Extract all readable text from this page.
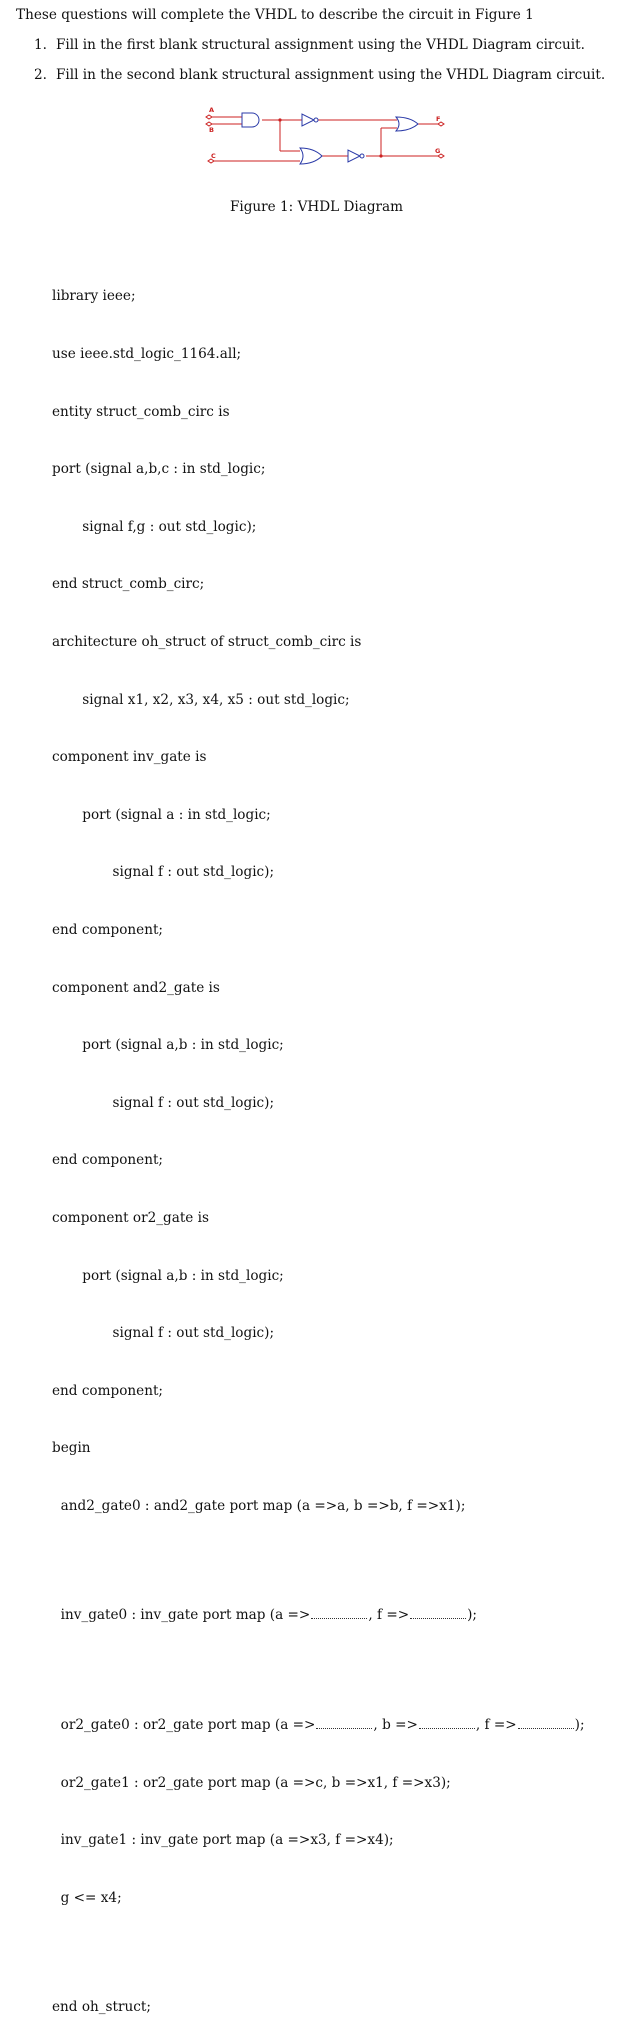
These questions will complete the VHDL to describe the circuit in Figure 1
1. Fill in the first blank structural assignment using the VHDL Diagram circuit.
2. Fill in the second blank structural assignment using the VHDL Diagram circuit.
A
B
C
F
G
Figure 1: VHDL Diagram

library ieee;

use ieee.std_logic_1164.all;

entity struct_comb_circ is

port (signal a,b,c : in std_logic;

signal f,g : out std_logic);

end struct_comb_circ;

architecture oh_struct of struct_comb_circ is

signal x1, x2, x3, x4, x5 : out std_logic;

component inv_gate is

port (signal a : in std_logic;

signal f : out std_logic);

end component;

component and2_gate is

port (signal a,b : in std_logic;

signal f : out std_logic);

end component;

component or2_gate is

port (signal a,b : in std_logic;

signal f : out std_logic);

end component;

begin

and2_gate0 : and2_gate port map (a =>a, b =>b, f =>x1);

inv_gate0 : inv_gate port map (a =>	, f =>	);

or2_gate0 : or2_gate port map (a =>	, b =>	, f =>	);

or2_gate1 : or2_gate port map (a =>c, b =>x1, f =>x3);

inv_gate1 : inv_gate port map (a =>x3, f =>x4);

g <= x4;

end oh_struct;
